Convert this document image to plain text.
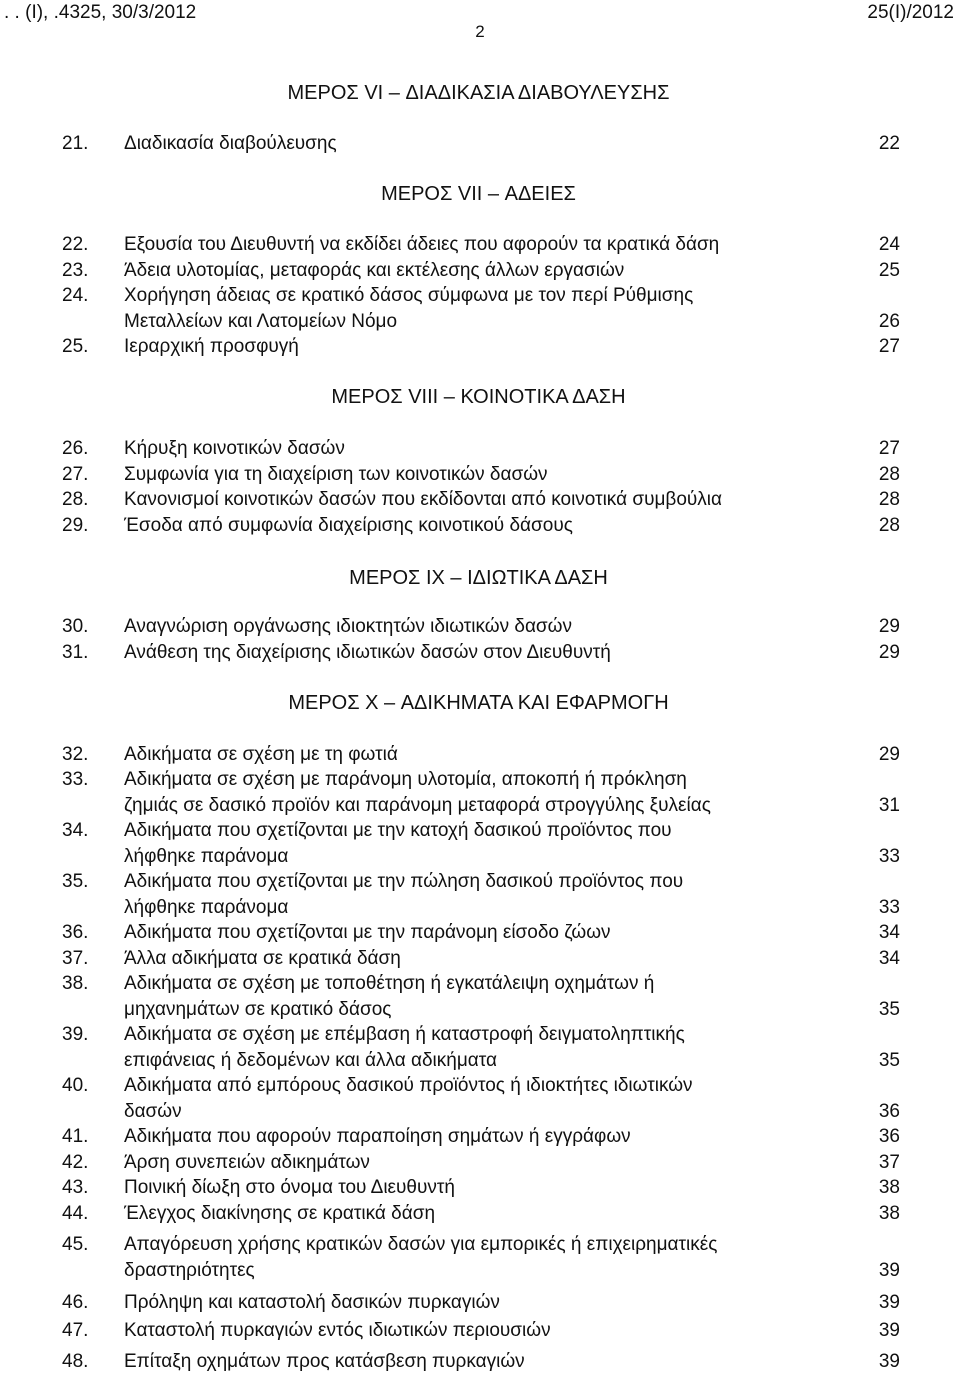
. . (Ι), .4325, 30/3/2012	25(Ι)/2012
2
ΜΕΡΟΣ VI – ΔΙΑΔΙΚΑΣΙΑ ΔΙΑΒΟΥΛΕΥΣΗΣ
ΜΕΡΟΣ VII – ΑΔΕΙΕΣ
ΜΕΡΟΣ VIII – ΚΟΙΝΟΤΙΚΑ ΔΑΣΗ
ΜΕΡΟΣ IX – ΙΔΙΩΤΙΚΑ ΔΑΣΗ
ΜΕΡΟΣ X – ΑΔΙΚΗΜΑΤΑ ΚΑΙ ΕΦΑΡΜΟΓΗ
21. Διαδικασία διαβούλευσης	22
22. Εξουσία του Διευθυντή να εκδίδει άδειες που αφορούν τα κρατικά δάση	24
23. Άδεια υλοτομίας, μεταφοράς και εκτέλεσης άλλων εργασιών	25
24. Χορήγηση άδειας σε κρατικό δάσος σύμφωνα με τον περί Ρύθμισης
Μεταλλείων και Λατομείων Νόμο	26
25. Ιεραρχική προσφυγή	27
26. Κήρυξη κοινοτικών δασών	27
27. Συμφωνία για τη διαχείριση των κοινοτικών δασών	28
28. Κανονισμοί κοινοτικών δασών που εκδίδονται από κοινοτικά συμβούλια	28
29. Έσοδα από συμφωνία διαχείρισης κοινοτικού δάσους	28
30. Αναγνώριση οργάνωσης ιδιοκτητών ιδιωτικών δασών	29
31. Ανάθεση της διαχείρισης ιδιωτικών δασών στον Διευθυντή	29
32. Αδικήματα σε σχέση με τη φωτιά	29
33. Αδικήματα σε σχέση με παράνομη υλοτομία, αποκοπή ή πρόκληση
ζημιάς σε δασικό προϊόν και παράνομη μεταφορά στρογγύλης ξυλείας	31
34. Αδικήματα που σχετίζονται με την κατοχή δασικού προϊόντος που
λήφθηκε παράνομα	33
35. Αδικήματα που σχετίζονται με την πώληση δασικού προϊόντος που
λήφθηκε παράνομα	33
36. Αδικήματα που σχετίζονται με την παράνομη είσοδο ζώων	34
37. Άλλα αδικήματα σε κρατικά δάση	34
38. Αδικήματα σε σχέση με τοποθέτηση ή εγκατάλειψη οχημάτων ή
μηχανημάτων σε κρατικό δάσος	35
39. Αδικήματα σε σχέση με επέμβαση ή καταστροφή δειγματοληπτικής
επιφάνειας ή δεδομένων και άλλα αδικήματα	35
40. Αδικήματα από εμπόρους δασικού προϊόντος ή ιδιοκτήτες ιδιωτικών
δασών	36
41. Αδικήματα που αφορούν παραποίηση σημάτων ή εγγράφων	36
42. Άρση συνεπειών αδικημάτων	37
43. Ποινική δίωξη στο όνομα του Διευθυντή	38
44. Έλεγχος διακίνησης σε κρατικά δάση	38
45. Απαγόρευση χρήσης κρατικών δασών για εμπορικές ή επιχειρηματικές
δραστηριότητες	39
46. Πρόληψη και καταστολή δασικών πυρκαγιών	39
47. Καταστολή πυρκαγιών εντός ιδιωτικών περιουσιών	39
48. Επίταξη οχημάτων προς κατάσβεση πυρκαγιών	39
